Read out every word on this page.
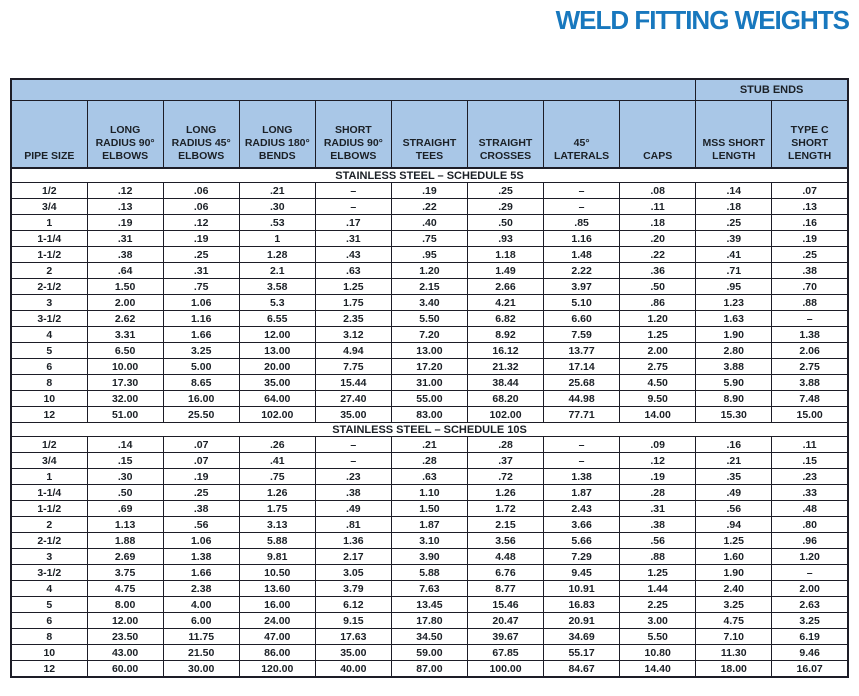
WELD FITTING WEIGHTS
									STUB ENDS	
PIPE SIZE	LONG RADIUS 90° ELBOWS	LONG RADIUS 45° ELBOWS	LONG RADIUS 180° BENDS	SHORT RADIUS 90° ELBOWS	STRAIGHT TEES	STRAIGHT CROSSES	45° LATERALS	CAPS	MSS SHORT LENGTH	TYPE C SHORT LENGTH
STAINLESS STEEL – SCHEDULE 5S										
1/2	.12	.06	.21	–	.19	.25	–	.08	.14	.07
3/4	.13	.06	.30	–	.22	.29	–	.11	.18	.13
1	.19	.12	.53	.17	.40	.50	.85	.18	.25	.16
1-1/4	.31	.19	1	.31	.75	.93	1.16	.20	.39	.19
1-1/2	.38	.25	1.28	.43	.95	1.18	1.48	.22	.41	.25
2	.64	.31	2.1	.63	1.20	1.49	2.22	.36	.71	.38
2-1/2	1.50	.75	3.58	1.25	2.15	2.66	3.97	.50	.95	.70
3	2.00	1.06	5.3	1.75	3.40	4.21	5.10	.86	1.23	.88
3-1/2	2.62	1.16	6.55	2.35	5.50	6.82	6.60	1.20	1.63	–
4	3.31	1.66	12.00	3.12	7.20	8.92	7.59	1.25	1.90	1.38
5	6.50	3.25	13.00	4.94	13.00	16.12	13.77	2.00	2.80	2.06
6	10.00	5.00	20.00	7.75	17.20	21.32	17.14	2.75	3.88	2.75
8	17.30	8.65	35.00	15.44	31.00	38.44	25.68	4.50	5.90	3.88
10	32.00	16.00	64.00	27.40	55.00	68.20	44.98	9.50	8.90	7.48
12	51.00	25.50	102.00	35.00	83.00	102.00	77.71	14.00	15.30	15.00
STAINLESS STEEL – SCHEDULE 10S										
1/2	.14	.07	.26	–	.21	.28	–	.09	.16	.11
3/4	.15	.07	.41	–	.28	.37	–	.12	.21	.15
1	.30	.19	.75	.23	.63	.72	1.38	.19	.35	.23
1-1/4	.50	.25	1.26	.38	1.10	1.26	1.87	.28	.49	.33
1-1/2	.69	.38	1.75	.49	1.50	1.72	2.43	.31	.56	.48
2	1.13	.56	3.13	.81	1.87	2.15	3.66	.38	.94	.80
2-1/2	1.88	1.06	5.88	1.36	3.10	3.56	5.66	.56	1.25	.96
3	2.69	1.38	9.81	2.17	3.90	4.48	7.29	.88	1.60	1.20
3-1/2	3.75	1.66	10.50	3.05	5.88	6.76	9.45	1.25	1.90	–
4	4.75	2.38	13.60	3.79	7.63	8.77	10.91	1.44	2.40	2.00
5	8.00	4.00	16.00	6.12	13.45	15.46	16.83	2.25	3.25	2.63
6	12.00	6.00	24.00	9.15	17.80	20.47	20.91	3.00	4.75	3.25
8	23.50	11.75	47.00	17.63	34.50	39.67	34.69	5.50	7.10	6.19
10	43.00	21.50	86.00	35.00	59.00	67.85	55.17	10.80	11.30	9.46
12	60.00	30.00	120.00	40.00	87.00	100.00	84.67	14.40	18.00	16.07
